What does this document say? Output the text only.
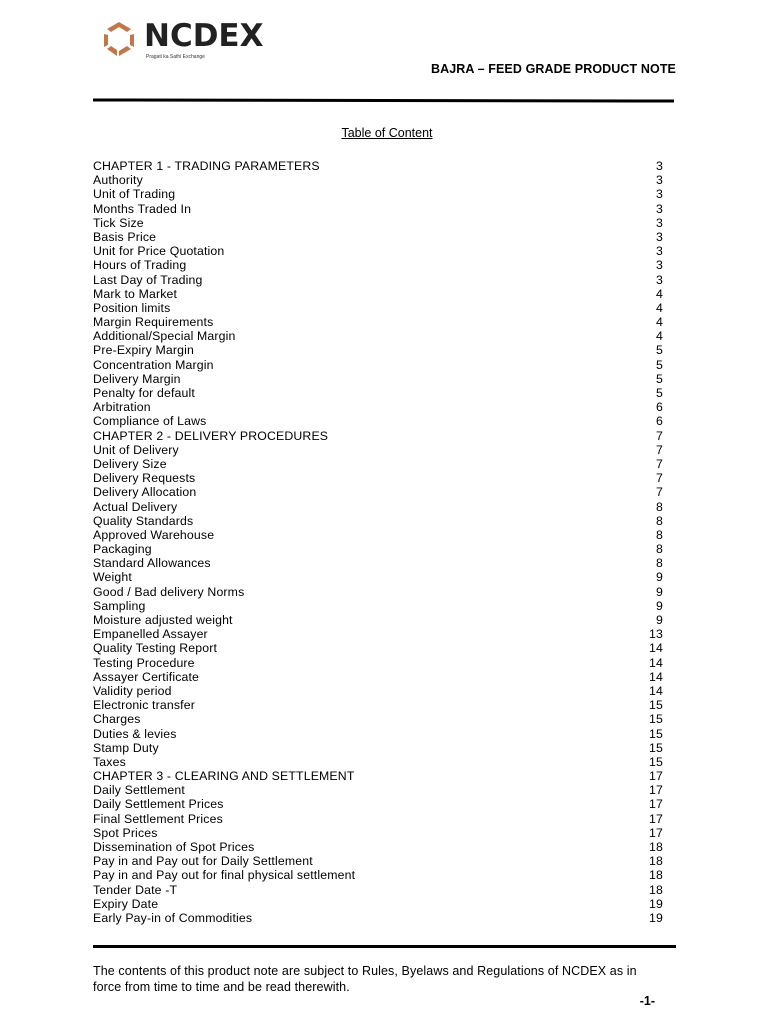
NCDEX
Pragati ka Sathi Exchange
BAJRA – FEED GRADE PRODUCT NOTE
Table of Content
CHAPTER 1 - TRADING PARAMETERS	3
Authority	3
Unit of Trading	3
Months Traded In	3
Tick Size	3
Basis Price	3
Unit for Price Quotation	3
Hours of Trading	3
Last Day of Trading	3
Mark to Market	4
Position limits	4
Margin Requirements	4
Additional/Special Margin	4
Pre-Expiry Margin	5
Concentration Margin	5
Delivery Margin	5
Penalty for default	5
Arbitration	6
Compliance of Laws	6
CHAPTER 2 - DELIVERY PROCEDURES	7
Unit of Delivery	7
Delivery Size	7
Delivery Requests	7
Delivery Allocation	7
Actual Delivery	8
Quality Standards	8
Approved Warehouse	8
Packaging	8
Standard Allowances	8
Weight	9
Good / Bad delivery Norms	9
Sampling	9
Moisture adjusted weight	9
Empanelled Assayer	13
Quality Testing Report	14
Testing Procedure	14
Assayer Certificate	14
Validity period	14
Electronic transfer	15
Charges	15
Duties & levies	15
Stamp Duty	15
Taxes	15
CHAPTER 3 - CLEARING AND SETTLEMENT	17
Daily Settlement	17
Daily Settlement Prices	17
Final Settlement Prices	17
Spot Prices	17
Dissemination of Spot Prices	18
Pay in and Pay out for Daily Settlement	18
Pay in and Pay out for final physical settlement	18
Tender Date -T	18
Expiry Date	19
Early Pay-in of Commodities	19
The contents of this product note are subject to Rules, Byelaws and Regulations of NCDEX as in force from time to time and be read therewith.
-1-
